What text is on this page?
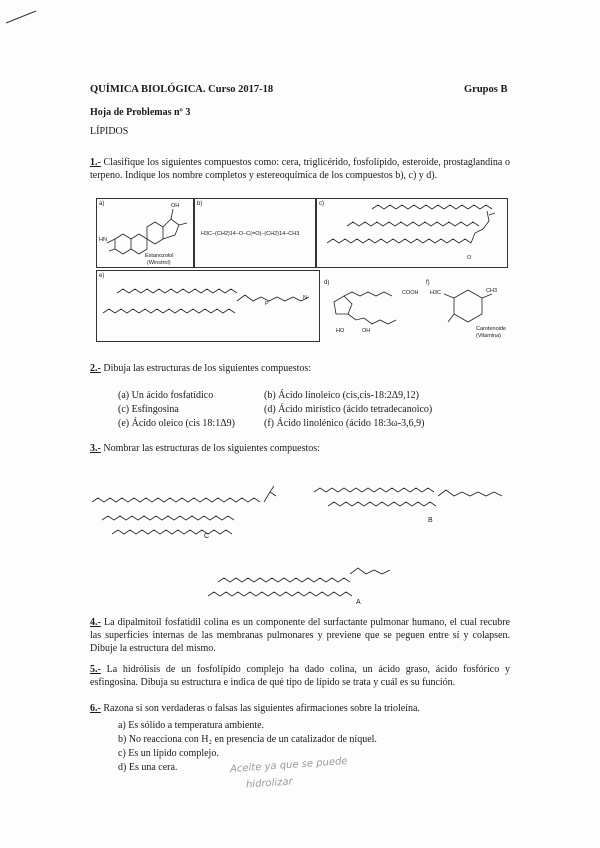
QUÍMICA BIOLÓGICA. Curso 2017-18	Grupos B
Hoja de Problemas nº 3
LÍPIDOS
1.- Clasifique los siguientes compuestos como: cera, triglicérido, fosfolípido, esteroide, prostaglandina o terpeno. Indique los nombre completos y estereoquímica de los compuestos b), c) y d).
a)	OH
HN
Estanozolol
(Winstrol)
b)
H3C–(CH2)14–O–C(=O)–(CH2)14–CH3
c)
O
e)
P
N
d)
COOH
HO	OH
f)
CH3
H3C
Carotenoide
(Vitamina)
2.- Dibuja las estructuras de los siguientes compuestos:
(a) Un ácido fosfatídico	(b) Ácido linoleico (cis,cis-18:2Δ9,12)
(c) Esfingosina	(d) Ácido mirístico (ácido tetradecanoico)
(e) Ácido oleico (cis 18:1Δ9)	(f) Ácido linolénico (ácido 18:3ω-3,6,9)
3.- Nombrar las estructuras de los siguientes compuestos:
B
C
A
4.- La dipalmitoil fosfatidil colina es un componente del surfactante pulmonar humano, el cual recubre las superficies internas de las membranas pulmonares y previene que se peguen entre sí y colapsen. Dibuje la estructura del mismo.
5.- La hidrólisis de un fosfolípido complejo ha dado colina, un ácido graso, ácido fosfórico y esfingosina. Dibuja su estructura e indica de qué tipo de lípido se trata y cuál es su función.
6.- Razona si son verdaderas o falsas las siguientes afirmaciones sobre la trioleína.
a) Es sólido a temperatura ambiente.
b) No reacciona con H₂ en presencia de un catalizador de níquel.
c) Es un lípido complejo.
d) Es una cera.	Aceite ya que se puede
hidrolizar
